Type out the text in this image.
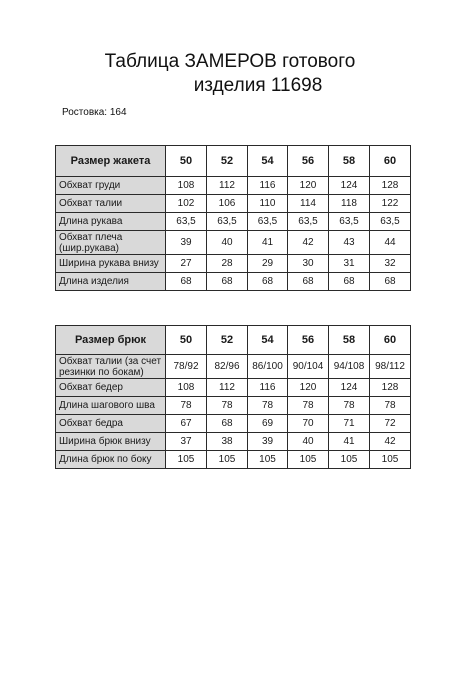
Таблица ЗАМЕРОВ готового
изделия 11698
Ростовка: 164
Размер жакета	50	52	54	56	58	60
Обхват груди	108	112	116	120	124	128
Обхват талии	102	106	110	114	118	122
Длина рукава	63,5	63,5	63,5	63,5	63,5	63,5
Обхват плеча (шир.рукава)	39	40	41	42	43	44
Ширина рукава внизу	27	28	29	30	31	32
Длина изделия	68	68	68	68	68	68
Размер брюк	50	52	54	56	58	60
Обхват талии (за счет резинки по бокам)	78/92	82/96	86/100	90/104	94/108	98/112
Обхват бедер	108	112	116	120	124	128
Длина шагового шва	78	78	78	78	78	78
Обхват бедра	67	68	69	70	71	72
Ширина брюк внизу	37	38	39	40	41	42
Длина брюк по боку	105	105	105	105	105	105
